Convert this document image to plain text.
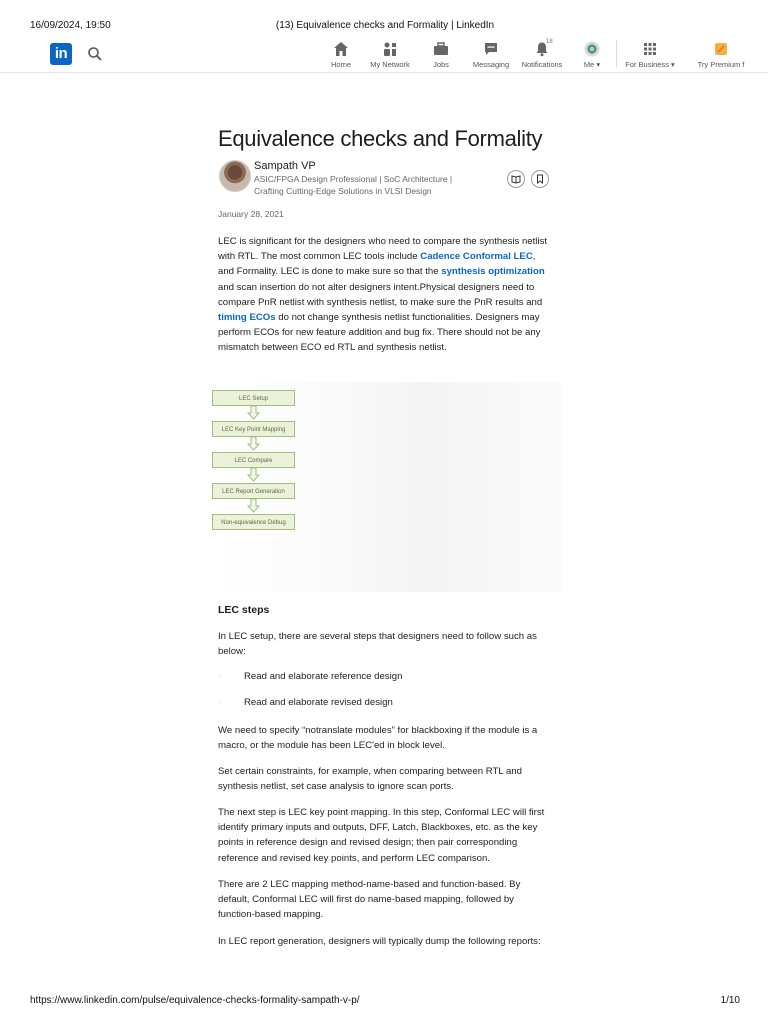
16/09/2024, 19:50	(13) Equivalence checks and Formality | LinkedIn
in
Home	My Network	Jobs	Messaging
18
Notifications	Me ▾	For Business ▾	Try Premium f
Equivalence checks and Formality
Sampath VP
ASIC/FPGA Design Professional | SoC Architecture | Crafting Cutting-Edge Solutions in VLSI Design
January 28, 2021

LEC is significant for the designers who need to compare the synthesis netlist with RTL. The most common LEC tools include Cadence Conformal LEC, and Formality. LEC is done to make sure so that the synthesis optimization and scan insertion do not alter designers intent.Physical designers need to compare PnR netlist with synthesis netlist, to make sure the PnR results and timing ECOs do not change synthesis netlist functionalities. Designers may perform ECOs for new feature addition and bug fix. There should not be any mismatch between ECO ed RTL and synthesis netlist.

LEC Setup
LEC Key Point Mapping
LEC Compare
LEC Report Generation
Non-equivalence Debug
LEC steps

In LEC setup, there are several steps that designers need to follow such as below:

· Read and elaborate reference design
· Read and elaborate revised design

We need to specify “notranslate modules” for blackboxing if the module is a macro, or the module has been LEC'ed in block level.

Set certain constraints, for example, when comparing between RTL and synthesis netlist, set case analysis to ignore scan ports.

The next step is LEC key point mapping. In this step, Conformal LEC will first identify primary inputs and outputs, DFF, Latch, Blackboxes, etc. as the key points in reference design and revised design; then pair corresponding reference and revised key points, and perform LEC comparison.

There are 2 LEC mapping method-name-based and function-based. By default, Conformal LEC will first do name-based mapping, followed by function-based mapping.

In LEC report generation, designers will typically dump the following reports:

https://www.linkedin.com/pulse/equivalence-checks-formality-sampath-v-p/	1/10
